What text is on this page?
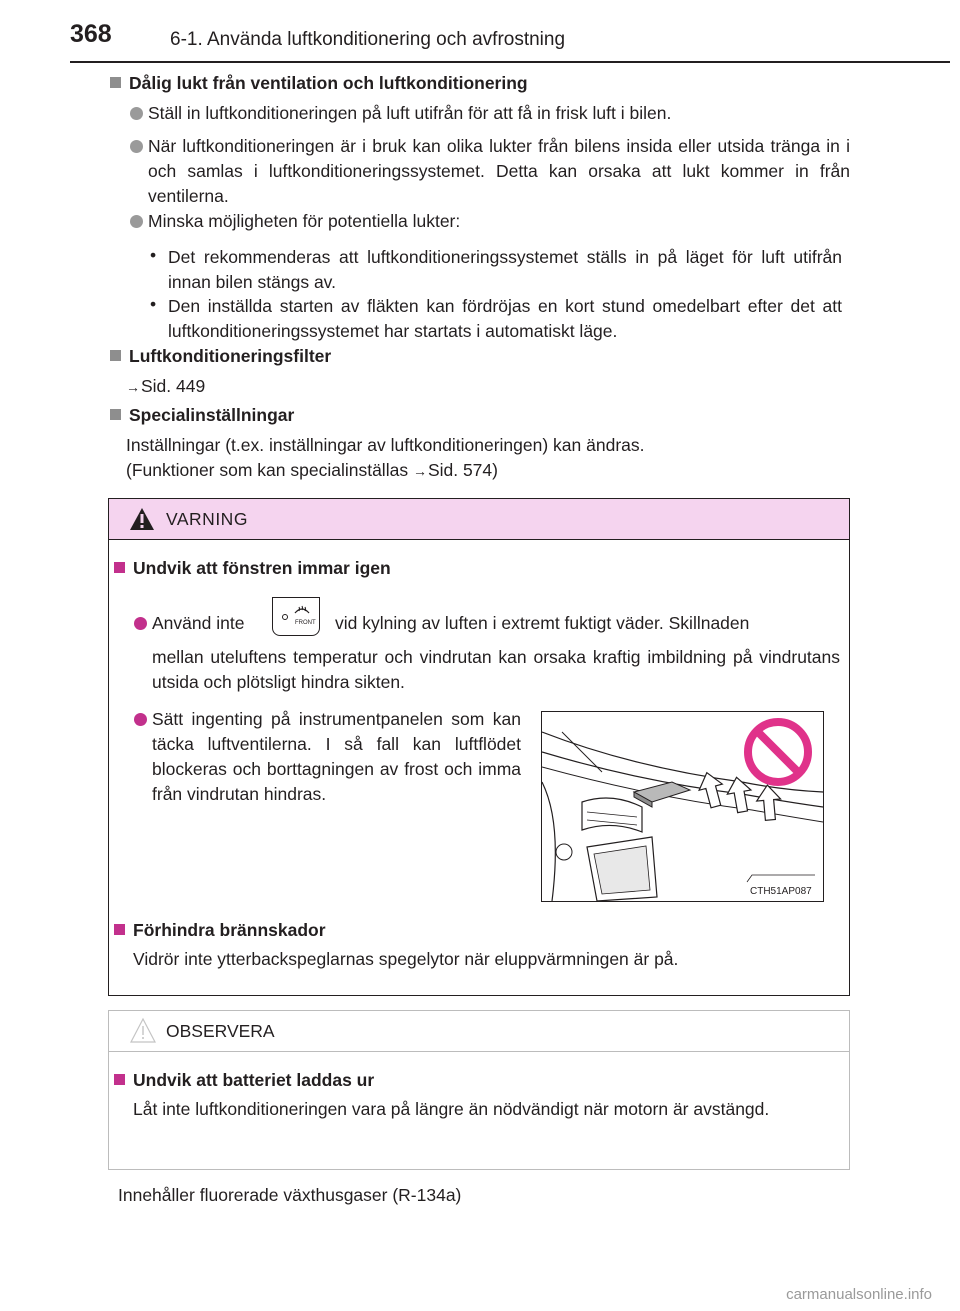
368	6-1. Använda luftkonditionering och avfrostning
Dålig lukt från ventilation och luftkonditionering
Ställ in luftkonditioneringen på luft utifrån för att få in frisk luft i bilen.
När luftkonditioneringen är i bruk kan olika lukter från bilens insida eller utsida tränga in i och samlas i luftkonditioneringssystemet. Detta kan orsaka att lukt kommer in från ventilerna.
Minska möjligheten för potentiella lukter:
• Det rekommenderas att luftkonditioneringssystemet ställs in på läget för luft utifrån innan bilen stängs av.
• Den inställda starten av fläkten kan fördröjas en kort stund omedelbart efter det att luftkonditioneringssystemet har startats i automatiskt läge.
Luftkonditioneringsfilter
→Sid. 449
Specialinställningar
Inställningar (t.ex. inställningar av luftkonditioneringen) kan ändras.
(Funktioner som kan specialinställas →Sid. 574)
VARNING
Undvik att fönstren immar igen
Använd inte	FRONT vid kylning av luften i extremt fuktigt väder. Skillnaden
mellan uteluftens temperatur och vindrutan kan orsaka kraftig imbildning på vindrutans utsida och plötsligt hindra sikten.
Sätt ingenting på instrumentpanelen som kan täcka luftventilerna. I så fall kan luftflödet blockeras och borttagningen av frost och imma från vindrutan hindras.
CTH51AP087
Förhindra brännskador
Vidrör inte ytterbackspeglarnas spegelytor när eluppvärmningen är på.
OBSERVERA
Undvik att batteriet laddas ur
Låt inte luftkonditioneringen vara på längre än nödvändigt när motorn är avstängd.
Innehåller fluorerade växthusgaser (R-134a)
carmanualsonline.info
